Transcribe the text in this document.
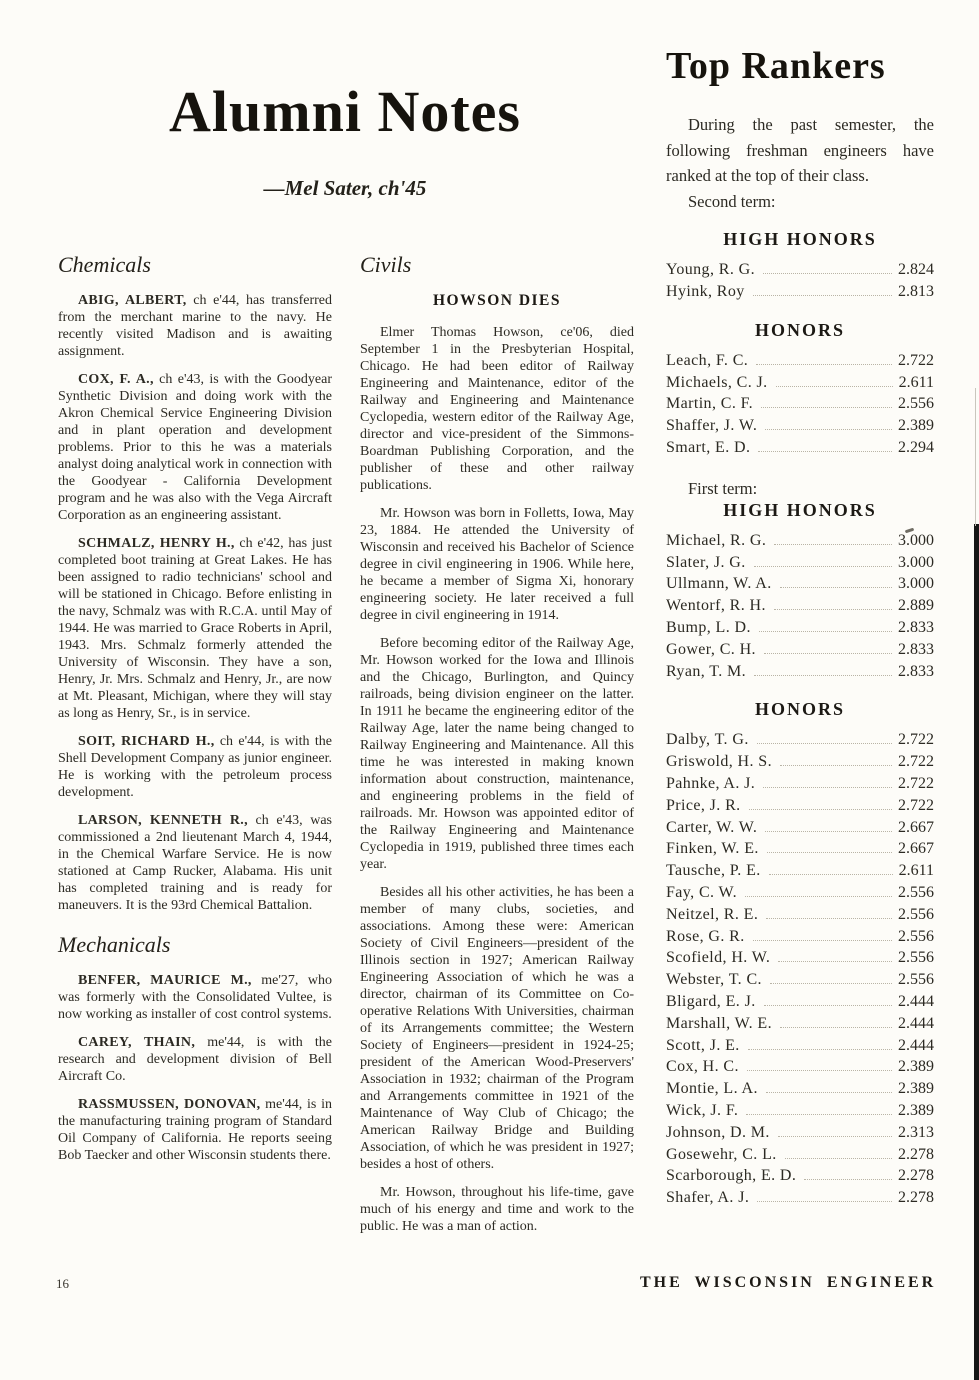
Alumni Notes
—Mel Sater, ch'45
Chemicals

ABIG, ALBERT, ch e'44, has transferred from the merchant marine to the navy. He recently visited Madison and is awaiting assignment.

COX, F. A., ch e'43, is with the Goodyear Synthetic Division and doing work with the Akron Chemical Service Engineering Division and in plant operation and development problems. Prior to this he was a materials analyst doing analytical work in connection with the Goodyear - California Development program and he was also with the Vega Aircraft Corporation as an engineering assistant.

SCHMALZ, HENRY H., ch e'42, has just completed boot training at Great Lakes. He has been assigned to radio technicians' school and will be stationed in Chicago. Before enlisting in the navy, Schmalz was with R.C.A. until May of 1944. He was married to Grace Roberts in April, 1943. Mrs. Schmalz formerly attended the University of Wisconsin. They have a son, Henry, Jr. Mrs. Schmalz and Henry, Jr., are now at Mt. Pleasant, Michigan, where they will stay as long as Henry, Sr., is in service.

SOIT, RICHARD H., ch e'44, is with the Shell Development Company as junior engineer. He is working with the petroleum process development.

LARSON, KENNETH R., ch e'43, was commissioned a 2nd lieutenant March 4, 1944, in the Chemical Warfare Service. He is now stationed at Camp Rucker, Alabama. His unit has completed training and is ready for maneuvers. It is the 93rd Chemical Battalion.

Mechanicals

BENFER, MAURICE M., me'27, who was formerly with the Consolidated Vultee, is now working as installer of cost control systems.

CAREY, THAIN, me'44, is with the research and development division of Bell Aircraft Co.

RASSMUSSEN, DONOVAN, me'44, is in the manufacturing training program of Standard Oil Company of California. He reports seeing Bob Taecker and other Wisconsin students there.

Civils
HOWSON DIES

Elmer Thomas Howson, ce'06, died September 1 in the Presbyterian Hospital, Chicago. He had been editor of Railway Engineering and Maintenance, editor of the Railway and Engineering and Maintenance Cyclopedia, western editor of the Railway Age, director and vice-president of the Simmons-Boardman Publishing Corporation, and the publisher of these and other railway publications.

Mr. Howson was born in Folletts, Iowa, May 23, 1884. He attended the University of Wisconsin and received his Bachelor of Science degree in civil engineering in 1906. While here, he became a member of Sigma Xi, honorary engineering society. He later received a full degree in civil engineering in 1914.

Before becoming editor of the Railway Age, Mr. Howson worked for the Iowa and Illinois and the Chicago, Burlington, and Quincy railroads, being division engineer on the latter. In 1911 he became the engineering editor of the Railway Age, later the name being changed to Railway Engineering and Maintenance. All this time he was interested in making known information about construction, maintenance, and engineering problems in the field of railroads. Mr. Howson was appointed editor of the Railway Engineering and Maintenance Cyclopedia in 1919, published three times each year.

Besides all his other activities, he has been a member of many clubs, societies, and associations. Among these were: American Society of Civil Engineers—president of the Illinois section in 1927; American Railway Engineering Association of which he was a director, chairman of its Committee on Co-operative Relations With Universities, chairman of its Arrangements committee; the Western Society of Engineers—president in 1924-25; president of the American Wood-Preservers' Association in 1932; chairman of the Program and Arrangements committee in 1921 of the Maintenance of Way Club of Chicago; the American Railway Bridge and Building Association, of which he was president in 1927; besides a host of others.

Mr. Howson, throughout his life-time, gave much of his energy and time and work to the public. He was a man of action.

Top Rankers

During the past semester, the following freshman engineers have ranked at the top of their class.

Second term:

HIGH HONORS
Young, R. G.	2.824
Hyink, Roy	2.813
HONORS
Leach, F. C.	2.722
Michaels, C. J.	2.611
Martin, C. F.	2.556
Shaffer, J. W.	2.389
Smart, E. D.	2.294

First term:

HIGH HONORS
Michael, R. G.	3.000
Slater, J. G.	3.000
Ullmann, W. A.	3.000
Wentorf, R. H.	2.889
Bump, L. D.	2.833
Gower, C. H.	2.833
Ryan, T. M.	2.833
HONORS
Dalby, T. G.	2.722
Griswold, H. S.	2.722
Pahnke, A. J.	2.722
Price, J. R.	2.722
Carter, W. W.	2.667
Finken, W. E.	2.667
Tausche, P. E.	2.611
Fay, C. W.	2.556
Neitzel, R. E.	2.556
Rose, G. R.	2.556
Scofield, H. W.	2.556
Webster, T. C.	2.556
Bligard, E. J.	2.444
Marshall, W. E.	2.444
Scott, J. E.	2.444
Cox, H. C.	2.389
Montie, L. A.	2.389
Wick, J. F.	2.389
Johnson, D. M.	2.313
Gosewehr, C. L.	2.278
Scarborough, E. D.	2.278
Shafer, A. J.	2.278
16	THE WISCONSIN ENGINEER
